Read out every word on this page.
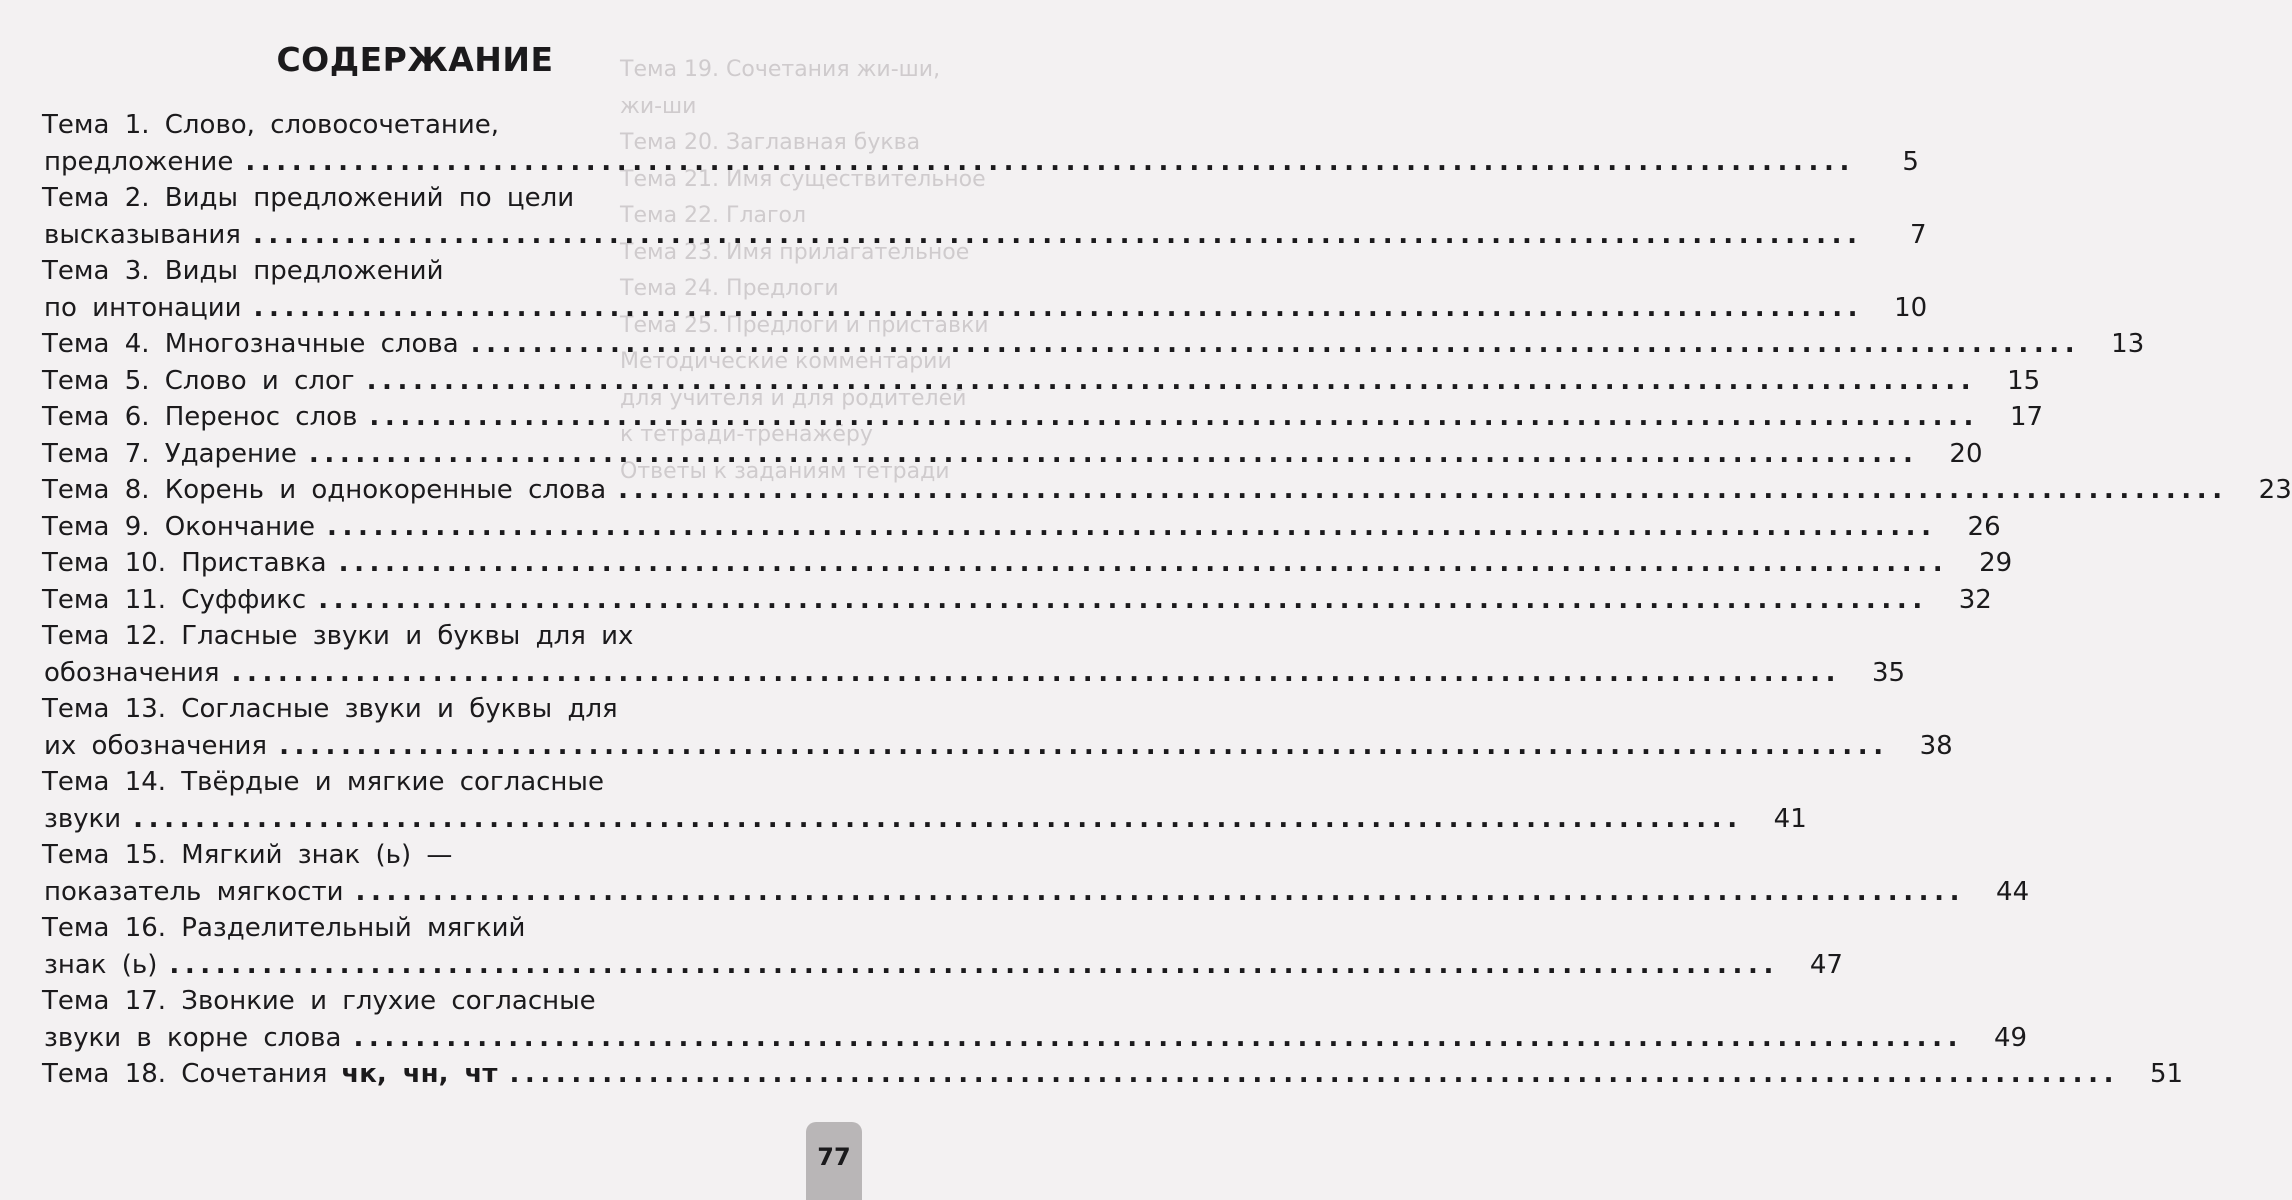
Тема 19. Сочетания жи-ши,
жи-ши
Тема 20. Заглавная буква
Тема 21. Имя существительное
Тема 22. Глагол
Тема 23. Имя прилагательное
Тема 24. Предлоги
Тема 25. Предлоги и приставки
Методические комментарии
для учителя и для родителей
к тетради-тренажёру
Ответы к заданиям тетради
СОДЕРЖАНИЕ
Тема 1. Слово, словосочетание,
предложение .....	5
Тема 2. Виды предложений по цели
высказывания .....	7
Тема 3. Виды предложений
по интонации .....	10
Тема 4. Многозначные слова .....	13
Тема 5. Слово и слог .....	15
Тема 6. Перенос слов .....	17
Тема 7. Ударение .....	20
Тема 8. Корень и однокоренные слова .....	23
Тема 9. Окончание .....	26
Тема 10. Приставка .....	29
Тема 11. Суффикс .....	32
Тема 12. Гласные звуки и буквы для их
обозначения .....	35
Тема 13. Согласные звуки и буквы для
их обозначения .....	38
Тема 14. Твёрдые и мягкие согласные
звуки .....	41
Тема 15. Мягкий знак (ь) —
показатель мягкости .....	44
Тема 16. Разделительный мягкий
знак (ь) .....	47
Тема 17. Звонкие и глухие согласные
звуки в корне слова .....	49
Тема 18. Сочетания чк, чн, чт .....	51
77
